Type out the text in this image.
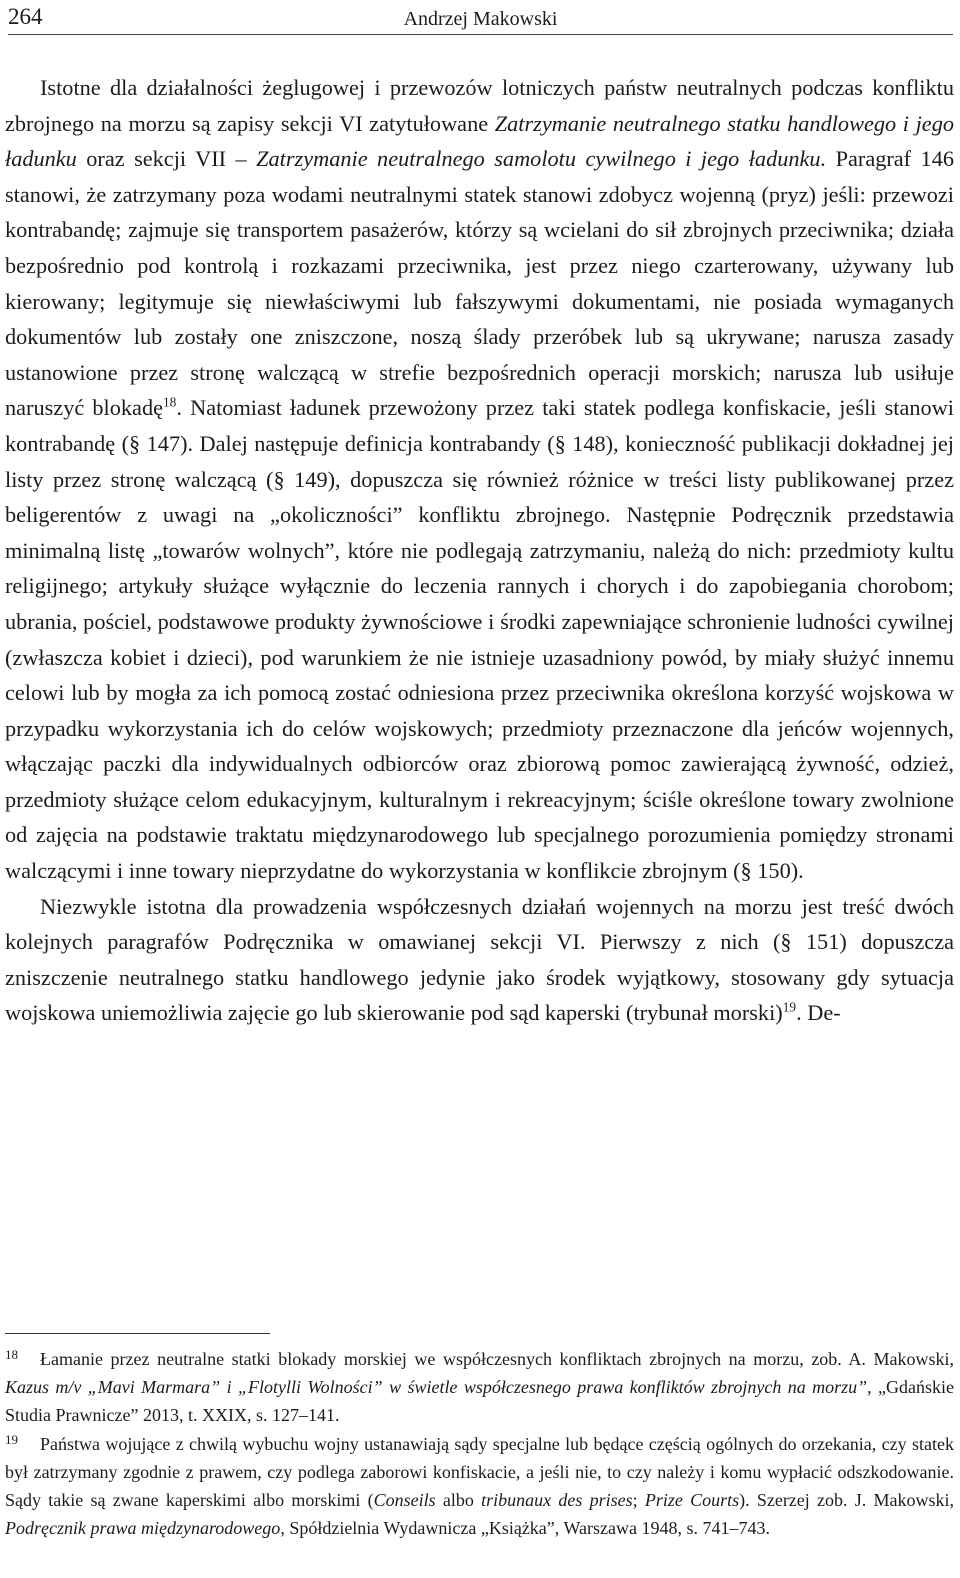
264	Andrzej Makowski

Istotne dla działalności żeglugowej i przewozów lotniczych państw neutralnych podczas konfliktu zbrojnego na morzu są zapisy sekcji VI zatytułowane Zatrzymanie neutralnego statku handlowego i jego ładunku oraz sekcji VII – Zatrzymanie neutralnego samolotu cywilnego i jego ładunku. Paragraf 146 stanowi, że zatrzymany poza wodami neutralnymi statek stanowi zdobycz wojenną (pryz) jeśli: przewozi kontrabandę; zajmuje się transportem pasażerów, którzy są wcielani do sił zbrojnych przeciwnika; działa bezpośrednio pod kontrolą i rozkazami przeciwnika, jest przez niego czarterowany, używany lub kierowany; legitymuje się niewłaściwymi lub fałszywymi dokumentami, nie posiada wymaganych dokumentów lub zostały one zniszczone, noszą ślady przeróbek lub są ukrywane; narusza zasady ustanowione przez stronę walczącą w strefie bezpośrednich operacji morskich; narusza lub usiłuje naruszyć blokadę$^{18}$. Natomiast ładunek przewożony przez taki statek podlega konfiskacie, jeśli stanowi kontrabandę (§ 147). Dalej następuje definicja kontrabandy (§ 148), konieczność publikacji dokładnej jej listy przez stronę walczącą (§ 149), dopuszcza się również różnice w treści listy publikowanej przez beligerentów z uwagi na „okoliczności” konfliktu zbrojnego. Następnie Podręcznik przedstawia minimalną listę „towarów wolnych”, które nie podlegają zatrzymaniu, należą do nich: przedmioty kultu religijnego; artykuły służące wyłącznie do leczenia rannych i chorych i do zapobiegania chorobom; ubrania, pościel, podstawowe produkty żywnościowe i środki zapewniające schronienie ludności cywilnej (zwłaszcza kobiet i dzieci), pod warunkiem że nie istnieje uzasadniony powód, by miały służyć innemu celowi lub by mogła za ich pomocą zostać odniesiona przez przeciwnika określona korzyść wojskowa w przypadku wykorzystania ich do celów wojskowych; przedmioty przeznaczone dla jeńców wojennych, włączając paczki dla indywidualnych odbiorców oraz zbiorową pomoc zawierającą żywność, odzież, przedmioty służące celom edukacyjnym, kulturalnym i rekreacyjnym; ściśle określone towary zwolnione od zajęcia na podstawie traktatu międzynarodowego lub specjalnego porozumienia pomiędzy stronami walczącymi i inne towary nieprzydatne do wykorzystania w konflikcie zbrojnym (§ 150).

Niezwykle istotna dla prowadzenia współczesnych działań wojennych na morzu jest treść dwóch kolejnych paragrafów Podręcznika w omawianej sekcji VI. Pierwszy z nich (§ 151) dopuszcza zniszczenie neutralnego statku handlowego jedynie jako środek wyjątkowy, stosowany gdy sytuacja wojskowa uniemożliwia zajęcie go lub skierowanie pod sąd kaperski (trybunał morski)$^{19}$. De-

18 Łamanie przez neutralne statki blokady morskiej we współczesnych konfliktach zbrojnych na morzu, zob. A. Makowski, Kazus m/v „Mavi Marmara” i „Flotylli Wolności” w świetle współczesnego prawa konfliktów zbrojnych na morzu”, „Gdańskie Studia Prawnicze” 2013, t. XXIX, s. 127–141.

19 Państwa wojujące z chwilą wybuchu wojny ustanawiają sądy specjalne lub będące częścią ogólnych do orzekania, czy statek był zatrzymany zgodnie z prawem, czy podlega zaborowi konfiskacie, a jeśli nie, to czy należy i komu wypłacić odszkodowanie. Sądy takie są zwane kaperskimi albo morskimi (Conseils albo tribunaux des prises; Prize Courts). Szerzej zob. J. Makowski, Podręcznik prawa międzynarodowego, Spółdzielnia Wydawnicza „Książka”, Warszawa 1948, s. 741–743.
